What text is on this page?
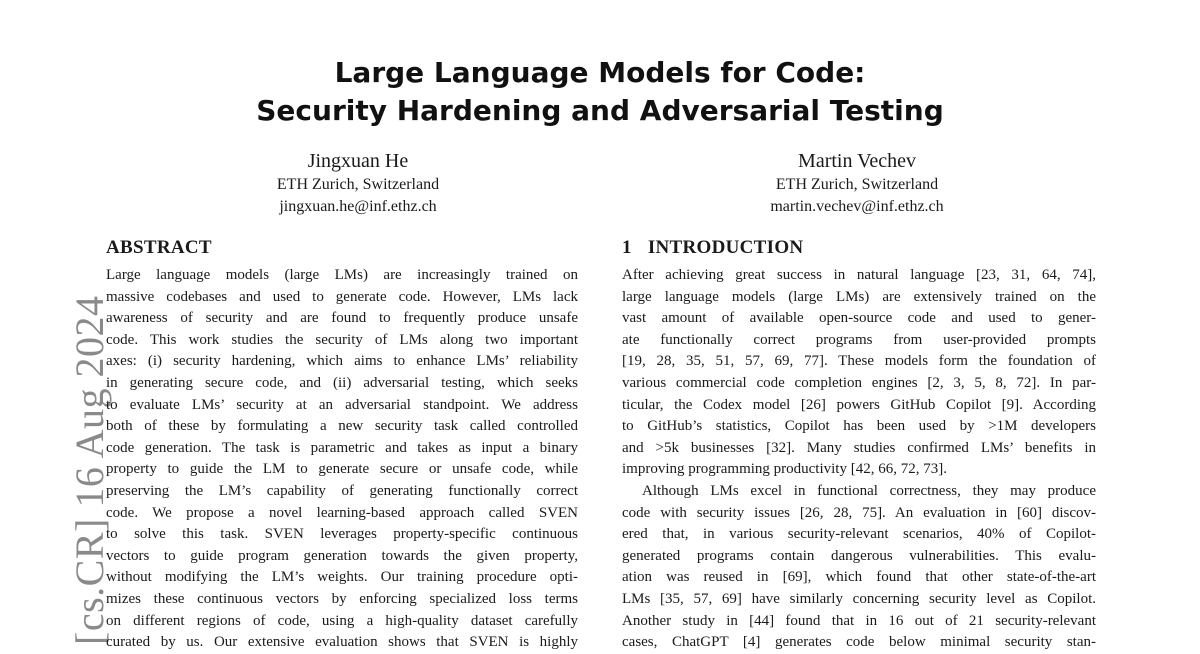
[cs.CR] 16 Aug 2024
Large Language Models for Code:
Security Hardening and Adversarial Testing
Jingxuan He
ETH Zurich, Switzerland
jingxuan.he@inf.ethz.ch
Martin Vechev
ETH Zurich, Switzerland
martin.vechev@inf.ethz.ch
ABSTRACT	1 INTRODUCTION
Large language models (large LMs) are increasingly trained on
massive codebases and used to generate code. However, LMs lack
awareness of security and are found to frequently produce unsafe
code. This work studies the security of LMs along two important
axes: (i) security hardening, which aims to enhance LMs’ reliability
in generating secure code, and (ii) adversarial testing, which seeks
to evaluate LMs’ security at an adversarial standpoint. We address
both of these by formulating a new security task called controlled
code generation. The task is parametric and takes as input a binary
property to guide the LM to generate secure or unsafe code, while
preserving the LM’s capability of generating functionally correct
code. We propose a novel learning-based approach called SVEN
to solve this task. SVEN leverages property-specific continuous
vectors to guide program generation towards the given property,
without modifying the LM’s weights. Our training procedure opti-
mizes these continuous vectors by enforcing specialized loss terms
on different regions of code, using a high-quality dataset carefully
curated by us. Our extensive evaluation shows that SVEN is highly
After achieving great success in natural language [23, 31, 64, 74],
large language models (large LMs) are extensively trained on the
vast amount of available open-source code and used to gener-
ate functionally correct programs from user-provided prompts
[19, 28, 35, 51, 57, 69, 77]. These models form the foundation of
various commercial code completion engines [2, 3, 5, 8, 72]. In par-
ticular, the Codex model [26] powers GitHub Copilot [9]. According
to GitHub’s statistics, Copilot has been used by >1M developers
and >5k businesses [32]. Many studies confirmed LMs’ benefits in
improving programming productivity [42, 66, 72, 73].
Although LMs excel in functional correctness, they may produce
code with security issues [26, 28, 75]. An evaluation in [60] discov-
ered that, in various security-relevant scenarios, 40% of Copilot-
generated programs contain dangerous vulnerabilities. This evalu-
ation was reused in [69], which found that other state-of-the-art
LMs [35, 57, 69] have similarly concerning security level as Copilot.
Another study in [44] found that in 16 out of 21 security-relevant
cases, ChatGPT [4] generates code below minimal security stan-
